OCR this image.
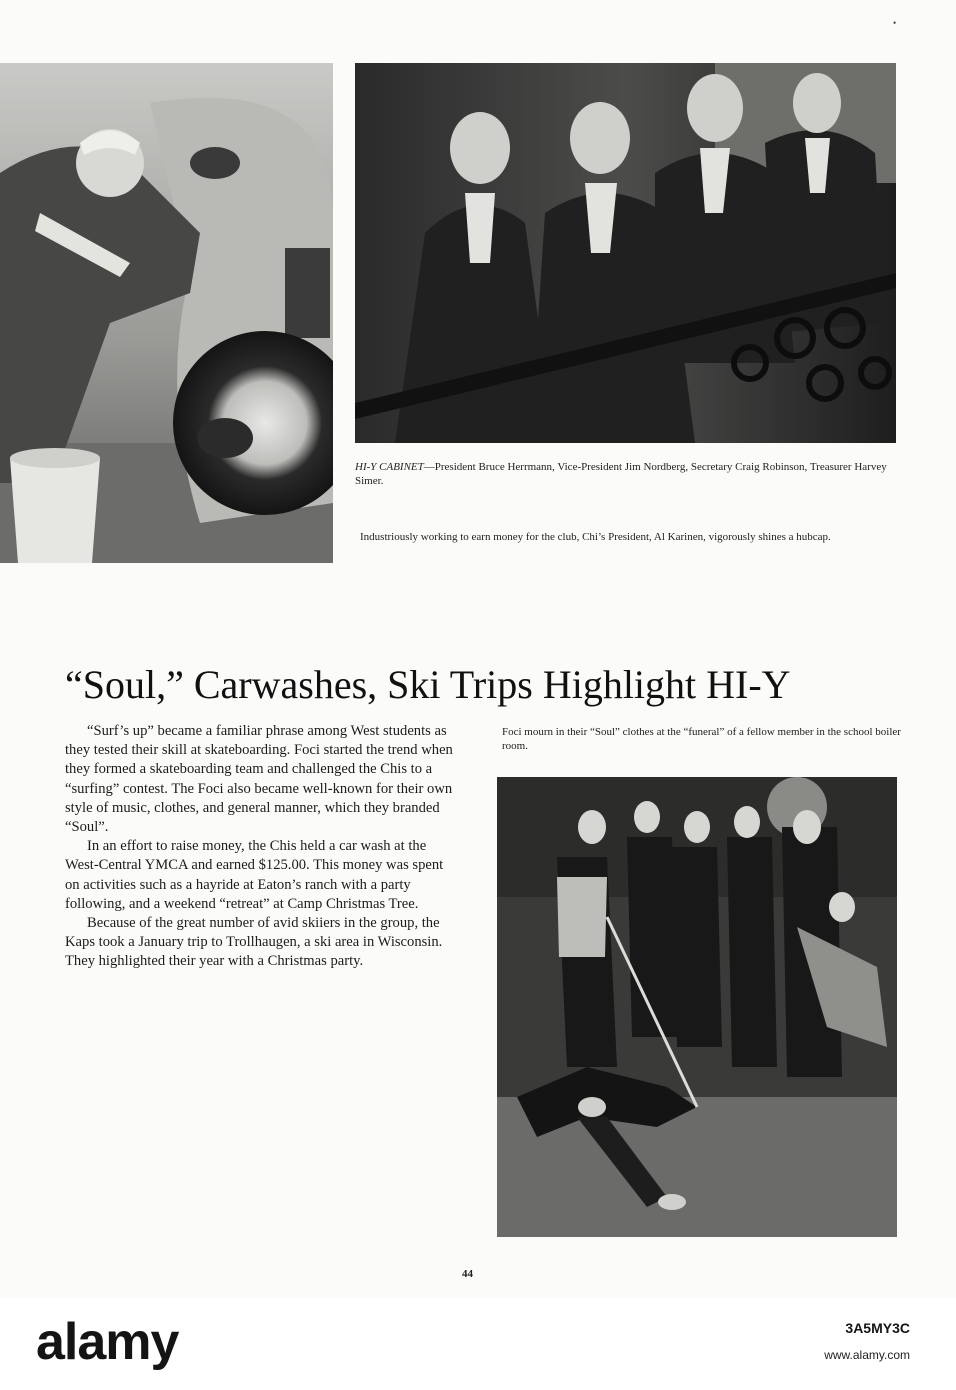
•
HI-Y CABINET—President Bruce Herrmann, Vice-President Jim Nordberg, Secretary Craig Robinson, Treasurer Harvey Simer.
Industriously working to earn money for the club, Chi’s President, Al Karinen, vigorously shines a hubcap.
“Soul,” Carwashes, Ski Trips Highlight HI-Y

“Surf’s up” became a familiar phrase among West students as they tested their skill at skateboarding. Foci started the trend when they formed a skateboarding team and challenged the Chis to a “surfing” contest. The Foci also became well-known for their own style of music, clothes, and general manner, which they branded “Soul”.

In an effort to raise money, the Chis held a car wash at the West-Central YMCA and earned $125.00. This money was spent on activities such as a hayride at Eaton’s ranch with a party following, and a weekend “retreat” at Camp Christmas Tree.

Because of the great number of avid skiiers in the group, the Kaps took a January trip to Trollhaugen, a ski area in Wisconsin. They highlighted their year with a Christmas party.

Foci mourn in their “Soul” clothes at the “funeral” of a fellow member in the school boiler room.
44
alamy	3A5MY3C
www.alamy.com
